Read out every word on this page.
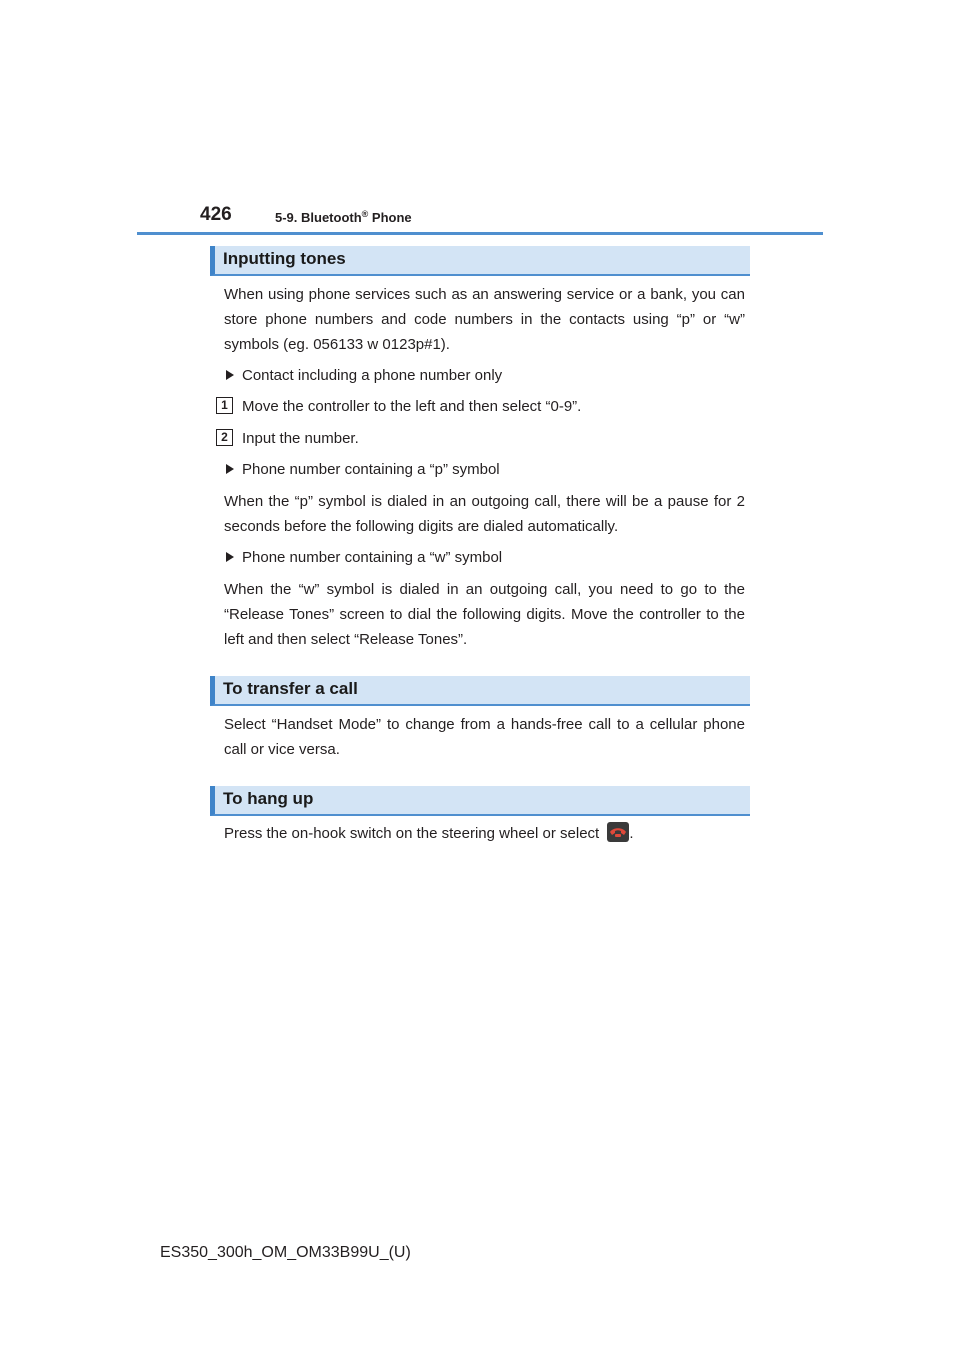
426	5-9. Bluetooth® Phone
Inputting tones
When using phone services such as an answering service or a bank, you can store phone numbers and code numbers in the contacts using “p” or “w” symbols (eg. 056133 w 0123p#1).
Contact including a phone number only
1 Move the controller to the left and then select “0-9”.
2 Input the number.
Phone number containing a “p” symbol
When the “p” symbol is dialed in an outgoing call, there will be a pause for 2 seconds before the following digits are dialed automatically.
Phone number containing a “w” symbol
When the “w” symbol is dialed in an outgoing call, you need to go to the “Release Tones” screen to dial the following digits. Move the controller to the left and then select “Release Tones”.
To transfer a call
Select “Handset Mode” to change from a hands-free call to a cellular phone call or vice versa.
To hang up
Press the on-hook switch on the steering wheel or select .
ES350_300h_OM_OM33B99U_(U)
